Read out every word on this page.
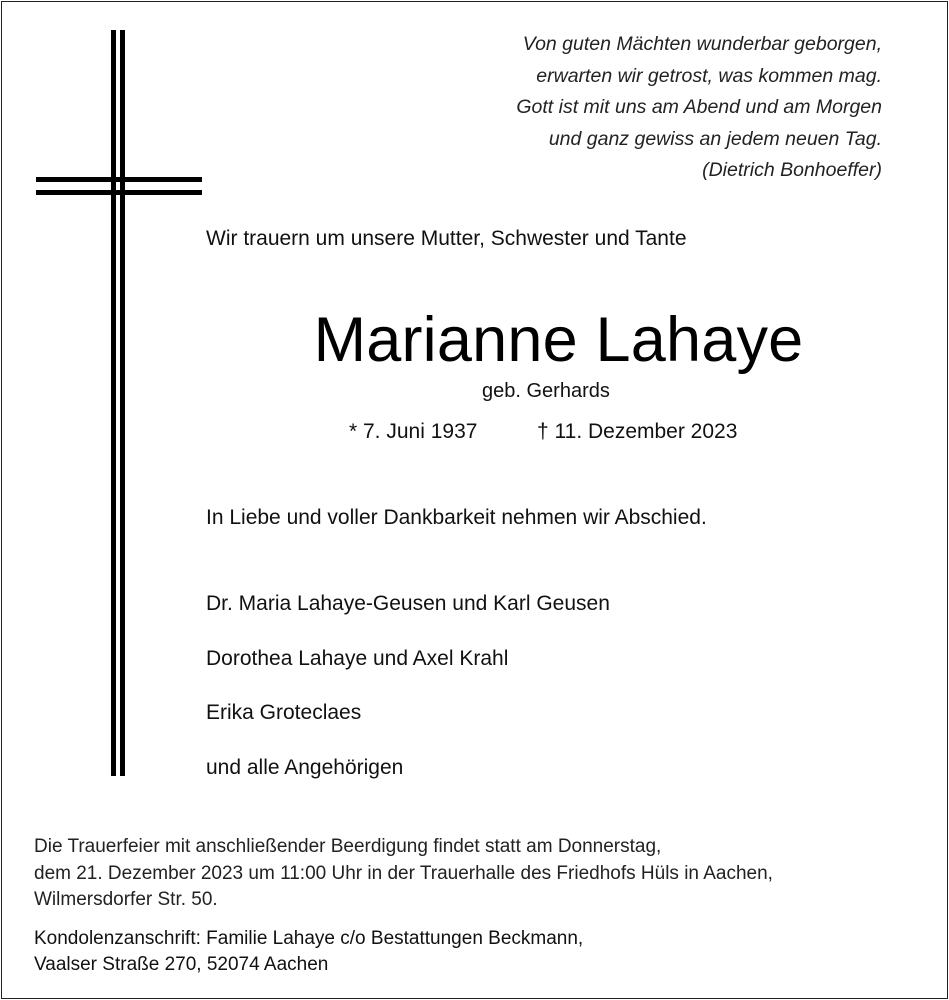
Von guten Mächten wunderbar geborgen,
erwarten wir getrost, was kommen mag.
Gott ist mit uns am Abend und am Morgen
und ganz gewiss an jedem neuen Tag.
(Dietrich Bonhoeffer)
Wir trauern um unsere Mutter, Schwester und Tante
Marianne Lahaye
geb. Gerhards
* 7. Juni 1937	† 11. Dezember 2023
In Liebe und voller Dankbarkeit nehmen wir Abschied.
Dr. Maria Lahaye-Geusen und Karl Geusen
Dorothea Lahaye und Axel Krahl
Erika Groteclaes
und alle Angehörigen
Die Trauerfeier mit anschließender Beerdigung findet statt am Donnerstag,
dem 21. Dezember 2023 um 11:00 Uhr in der Trauerhalle des Friedhofs Hüls in Aachen,
Wilmersdorfer Str. 50.
Kondolenzanschrift: Familie Lahaye c/o Bestattungen Beckmann,
Vaalser Straße 270, 52074 Aachen
